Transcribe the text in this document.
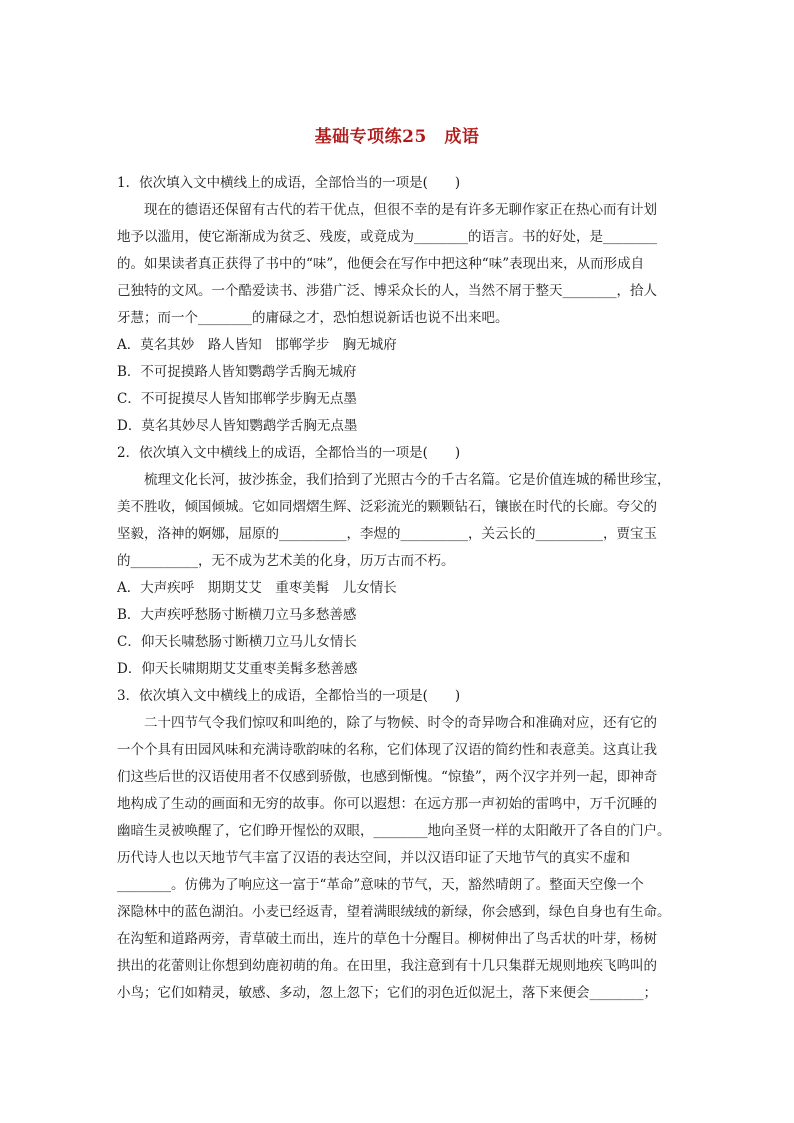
基础专项练25　成语
1．依次填入文中横线上的成语，全部恰当的一项是(　　)
现在的德语还保留有古代的若干优点，但很不幸的是有许多无聊作家正在热心而有计划
地予以滥用，使它渐渐成为贫乏、残废，或竟成为________的语言。书的好处，是________
的。如果读者真正获得了书中的“味”，他便会在写作中把这种“味”表现出来，从而形成自
己独特的文风。一个酷爱读书、涉猎广泛、博采众长的人，当然不屑于整天________，拾人
牙慧；而一个________的庸碌之才，恐怕想说新话也说不出来吧。
A．莫名其妙　路人皆知　邯郸学步　胸无城府
B．不可捉摸路人皆知鹦鹉学舌胸无城府
C．不可捉摸尽人皆知邯郸学步胸无点墨
D．莫名其妙尽人皆知鹦鹉学舌胸无点墨
2．依次填入文中横线上的成语，全都恰当的一项是(　　)
梳理文化长河，披沙拣金，我们拾到了光照古今的千古名篇。它是价值连城的稀世珍宝，
美不胜收，倾国倾城。它如同熠熠生辉、泛彩流光的颗颗钻石，镶嵌在时代的长廊。夸父的
坚毅，洛神的婀娜，屈原的__________，李煜的__________，关云长的__________，贾宝玉
的__________，无不成为艺术美的化身，历万古而不朽。
A．大声疾呼　期期艾艾　重枣美髯　儿女情长
B．大声疾呼愁肠寸断横刀立马多愁善感
C．仰天长啸愁肠寸断横刀立马儿女情长
D．仰天长啸期期艾艾重枣美髯多愁善感
3．依次填入文中横线上的成语，全都恰当的一项是(　　)
二十四节气令我们惊叹和叫绝的，除了与物候、时令的奇异吻合和准确对应，还有它的
一个个具有田园风味和充满诗歌韵味的名称，它们体现了汉语的简约性和表意美。这真让我
们这些后世的汉语使用者不仅感到骄傲，也感到惭愧。“惊蛰”，两个汉字并列一起，即神奇
地构成了生动的画面和无穷的故事。你可以遐想：在远方那一声初始的雷鸣中，万千沉睡的
幽暗生灵被唤醒了，它们睁开惺忪的双眼，________地向圣贤一样的太阳敞开了各自的门户。
历代诗人也以天地节气丰富了汉语的表达空间，并以汉语印证了天地节气的真实不虚和
________。仿佛为了响应这一富于“革命”意味的节气，天，豁然晴朗了。整面天空像一个
深隐林中的蓝色湖泊。小麦已经返青，望着满眼绒绒的新绿，你会感到，绿色自身也有生命。
在沟堑和道路两旁，青草破土而出，连片的草色十分醒目。柳树伸出了鸟舌状的叶芽，杨树
拱出的花蕾则让你想到幼鹿初萌的角。在田里，我注意到有十几只集群无规则地疾飞鸣叫的
小鸟；它们如精灵，敏感、多动，忽上忽下；它们的羽色近似泥土，落下来便会________；
